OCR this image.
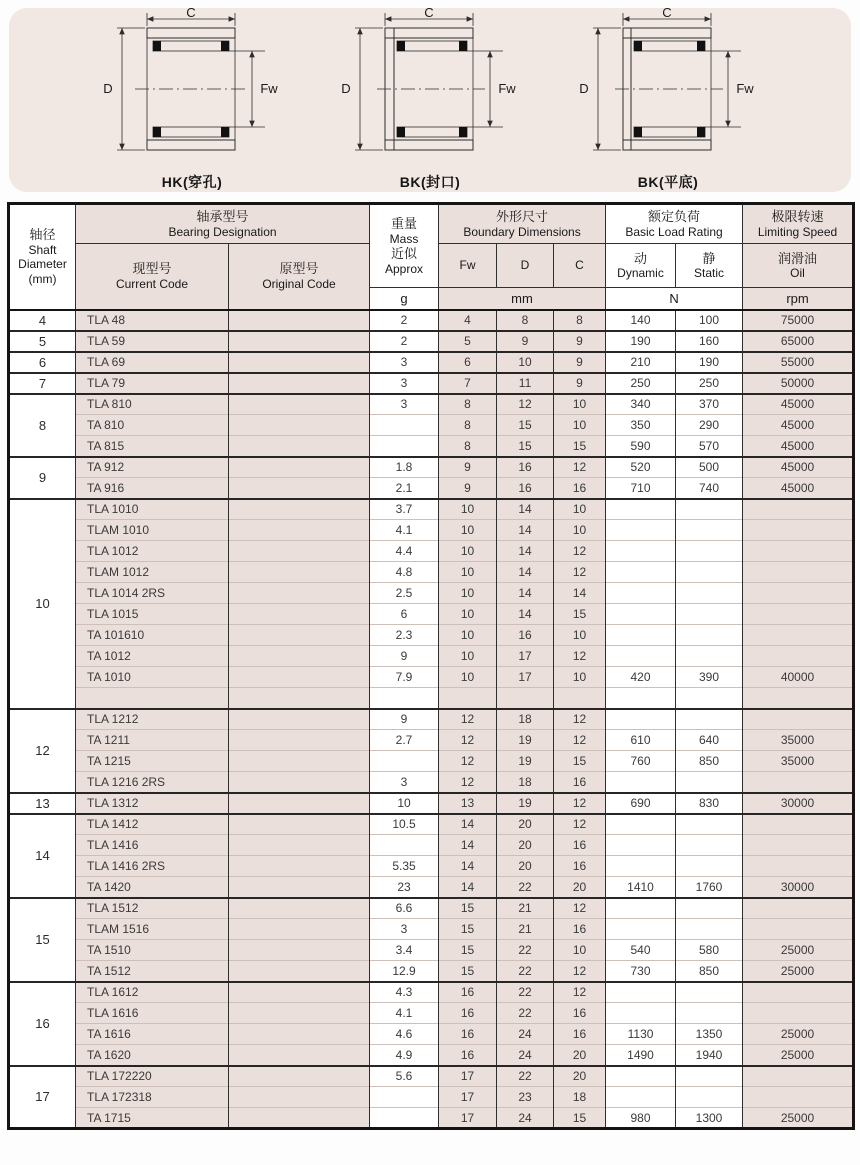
C
D	Fw
HK(穿孔)
C
D	Fw
BK(封口)
C
D	Fw
BK(平底)
轴径
Shaft
Diameter
(mm)	轴承型号
Bearing Designation		重量
Mass
近似
Approx	外形尺寸
Boundary Dimensions			额定负荷
Basic Load Rating		极限转速
Limiting Speed

	现型号
Current Code	原型号
Original Code		Fw	D	C	动
Dynamic	静
Static	润滑油
Oil

			g	mm			N		rpm
4	TLA 48		2	4	8	8	140	100	75000
5	TLA 59		2	5	9	9	190	160	65000
6	TLA 69		3	6	10	9	210	190	55000
7	TLA 79		3	7	11	9	250	250	50000
8	TLA 810		3	8	12	10	340	370	45000
	TA 810			8	15	10	350	290	45000
	TA 815			8	15	15	590	570	45000
9	TA 912		1.8	9	16	12	520	500	45000
	TA 916		2.1	9	16	16	710	740	45000
10	TLA 1010		3.7	10	14	10			
	TLAM 1010		4.1	10	14	10			
	TLA 1012		4.4	10	14	12			
	TLAM 1012		4.8	10	14	12			
	TLA 1014 2RS		2.5	10	14	14			
	TLA 1015		6	10	14	15			
	TA 101610		2.3	10	16	10			
	TA 1012		9	10	17	12			
	TA 1010		7.9	10	17	10	420	390	40000

12	TLA 1212		9	12	18	12			
	TA 1211		2.7	12	19	12	610	640	35000
	TA 1215			12	19	15	760	850	35000
	TLA 1216 2RS		3	12	18	16			
13	TLA 1312		10	13	19	12	690	830	30000
14	TLA 1412		10.5	14	20	12			
	TLA 1416			14	20	16			
	TLA 1416 2RS		5.35	14	20	16			
	TA 1420		23	14	22	20	1410	1760	30000
15	TLA 1512		6.6	15	21	12			
	TLAM 1516		3	15	21	16			
	TA 1510		3.4	15	22	10	540	580	25000
	TA 1512		12.9	15	22	12	730	850	25000
16	TLA 1612		4.3	16	22	12			
	TLA 1616		4.1	16	22	16			
	TA 1616		4.6	16	24	16	1130	1350	25000
	TA 1620		4.9	16	24	20	1490	1940	25000
17	TLA 172220		5.6	17	22	20			
	TLA 172318			17	23	18			
	TA 1715			17	24	15	980	1300	25000
